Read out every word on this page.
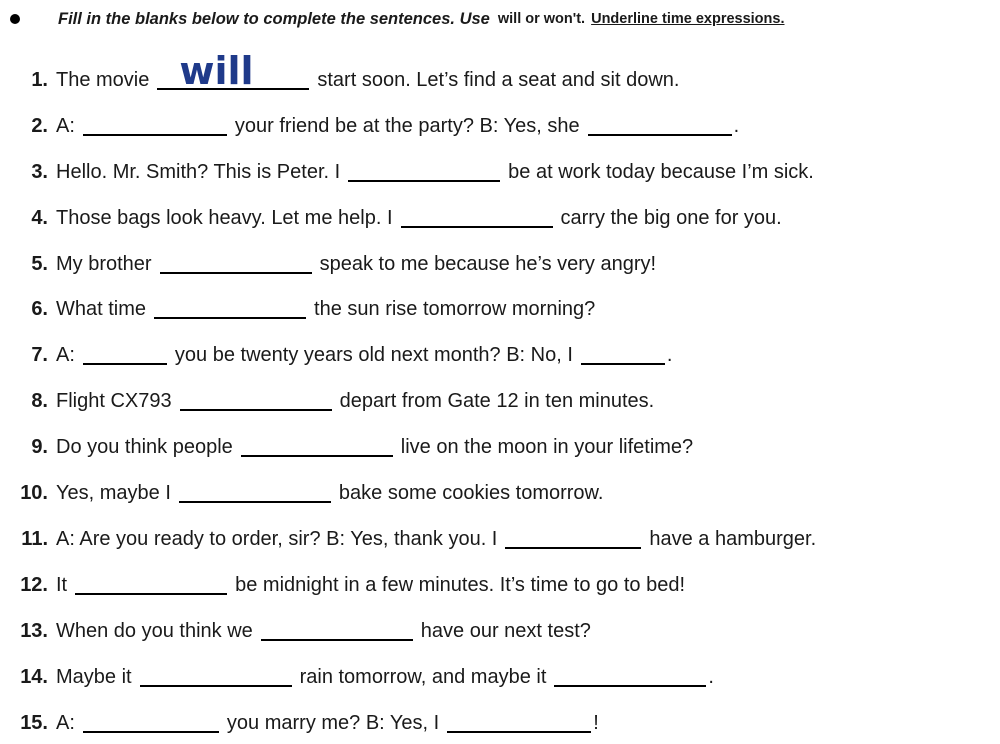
Fill in the blanks below to complete the sentences. Use will or won't. Underline time expressions.
1. The movie will	start soon. Let’s find a seat and sit down.
2. A:	your friend be at the party? B: Yes, she	.
3. Hello. Mr. Smith? This is Peter. I	be at work today because I’m sick.
4. Those bags look heavy. Let me help. I	carry the big one for you.
5. My brother	speak to me because he’s very angry!
6. What time	the sun rise tomorrow morning?
7. A:	you be twenty years old next month? B: No, I	.
8. Flight CX793	depart from Gate 12 in ten minutes.
9. Do you think people	live on the moon in your lifetime?
10. Yes, maybe I	bake some cookies tomorrow.
11. A: Are you ready to order, sir? B: Yes, thank you. I	have a hamburger.
12. It	be midnight in a few minutes. It’s time to go to bed!
13. When do you think we	have our next test?
14. Maybe it	rain tomorrow, and maybe it	.
15. A:	you marry me? B: Yes, I	!
